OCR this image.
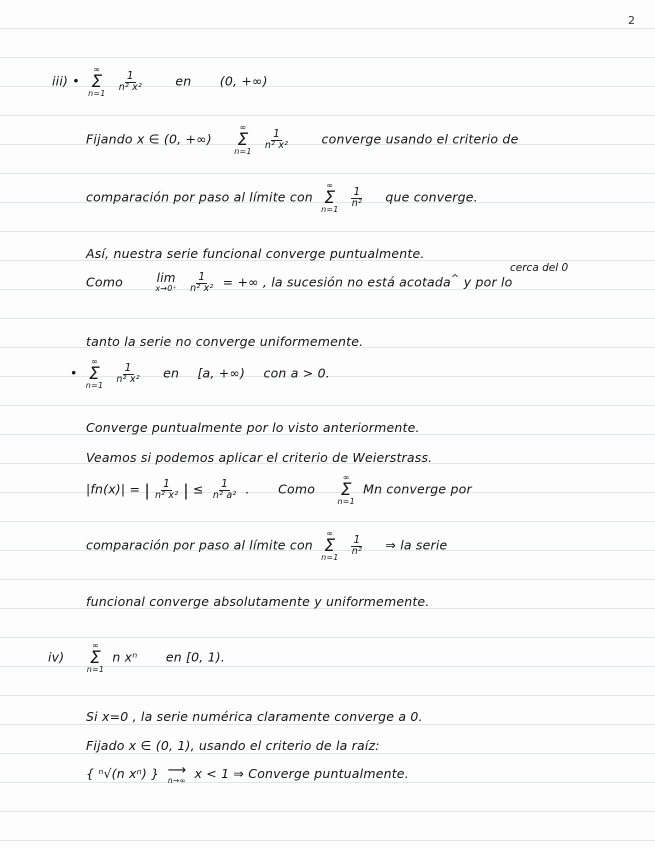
2
iii) •
∞
Σ
n=1

$\frac{1}{\text{n² x²}}$	en (0, +∞)
Fijando x ∈ (0, +∞)
∞
Σ
n=1

$\frac{1}{\text{n² x²}}$	converge usando el criterio de
comparación por paso al límite con
∞
Σ
n=1

$\frac{1}{\text{n²}}$ que converge.
Así, nuestra serie funcional converge puntualmente.
cerca del 0
Como	lim
x→0⁺
$\frac{1}{\text{n² x²}}$ = +∞ , la sucesión no está acotada^ y por lo
tanto la serie no converge uniformemente.
•
∞
Σ
n=1

$\frac{1}{\text{n² x²}}$ en [a, +∞) con a > 0.
Converge puntualmente por lo visto anteriormente.
Veamos si podemos aplicar el criterio de Weierstrass.
|fn(x)| = | $\frac{1}{\text{n² x²}}$ | ≤ $\frac{1}{\text{n² a²}}$ . Como
∞
Σ
n=1
Mn converge por
comparación por paso al límite con
∞
Σ
n=1

$\frac{1}{\text{n²}}$ ⇒ la serie
funcional converge absolutamente y uniformemente.
iv)
∞
Σ
n=1
n xⁿ en [0, 1).
Si x=0 , la serie numérica claramente converge a 0.
Fijado x ∈ (0, 1), usando el criterio de la raíz:
{ ⁿ√(n xⁿ) } ⟶
n→∞ x < 1 ⇒ Converge puntualmente.
